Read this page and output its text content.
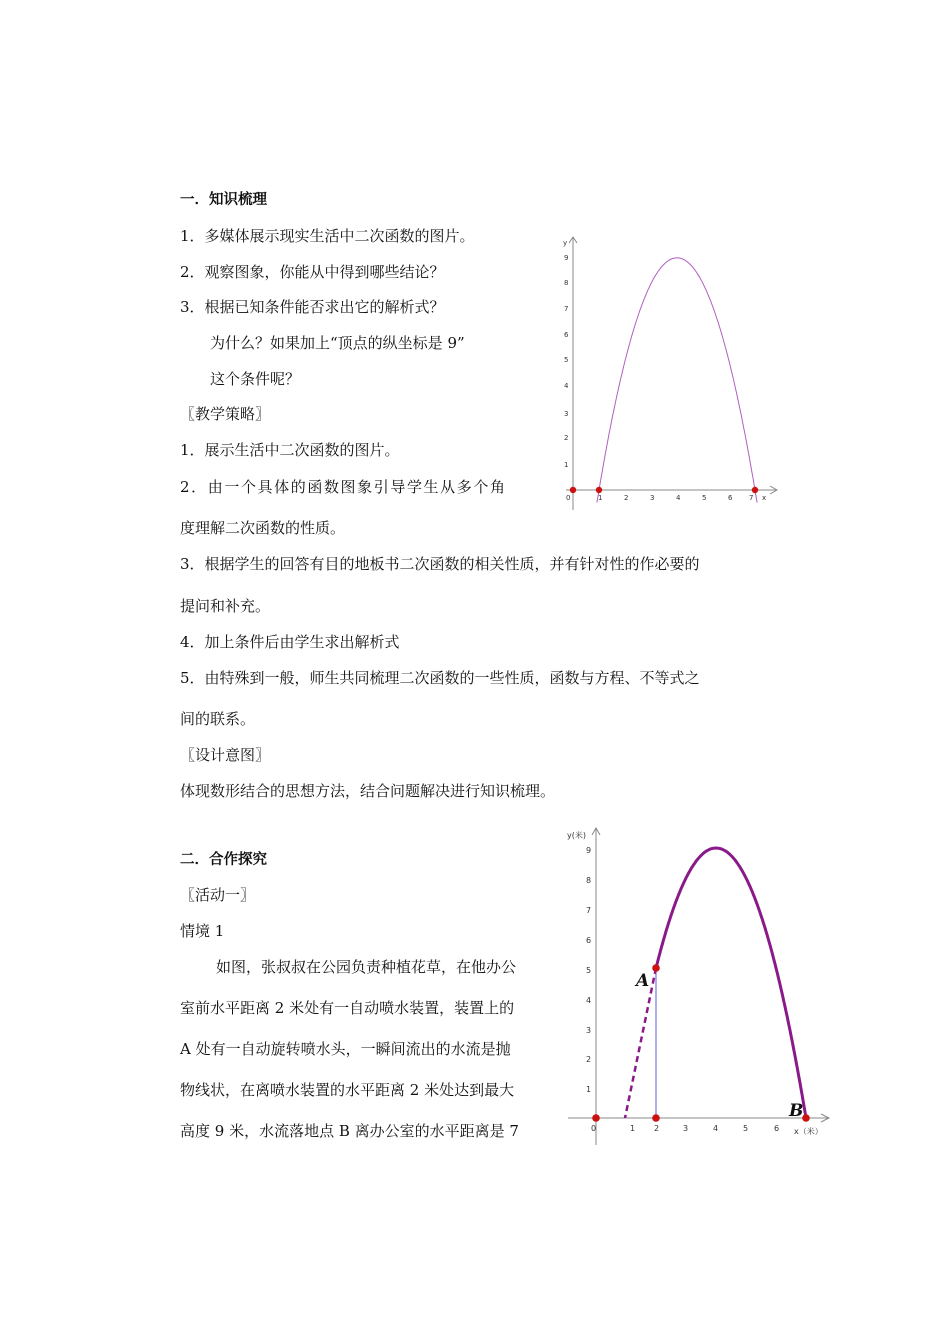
一．知识梳理
1．多媒体展示现实生活中二次函数的图片。
2．观察图象，你能从中得到哪些结论？
3．根据已知条件能否求出它的解析式？
为什么？如果加上“顶点的纵坐标是 9”
这个条件呢？
〖教学策略〗
1．展示生活中二次函数的图片。
2．由一个具体的函数图象引导学生从多个角
度理解二次函数的性质。
3．根据学生的回答有目的地板书二次函数的相关性质，并有针对性的作必要的
提问和补充。
4．加上条件后由学生求出解析式
5．由特殊到一般，师生共同梳理二次函数的一些性质，函数与方程、不等式之
间的联系。
〖设计意图〗
体现数形结合的思想方法，结合问题解决进行知识梳理。
二．合作探究
〖活动一〗
情境 1
如图，张叔叔在公园负责种植花草，在他办公
室前水平距离 2 米处有一自动喷水装置，装置上的
A 处有一自动旋转喷水头，一瞬间流出的水流是抛
物线状，在离喷水装置的水平距离 2 米处达到最大
高度 9 米，水流落地点 B 离办公室的水平距离是 7
y
x
0	1	2	3	4	5	6 7
1
2
3
4
5
6
7
8
9
y(米)
x（米）
0	1 2	3	4	5	6
1
2
3
4
5
6
7
8
9
A
B
